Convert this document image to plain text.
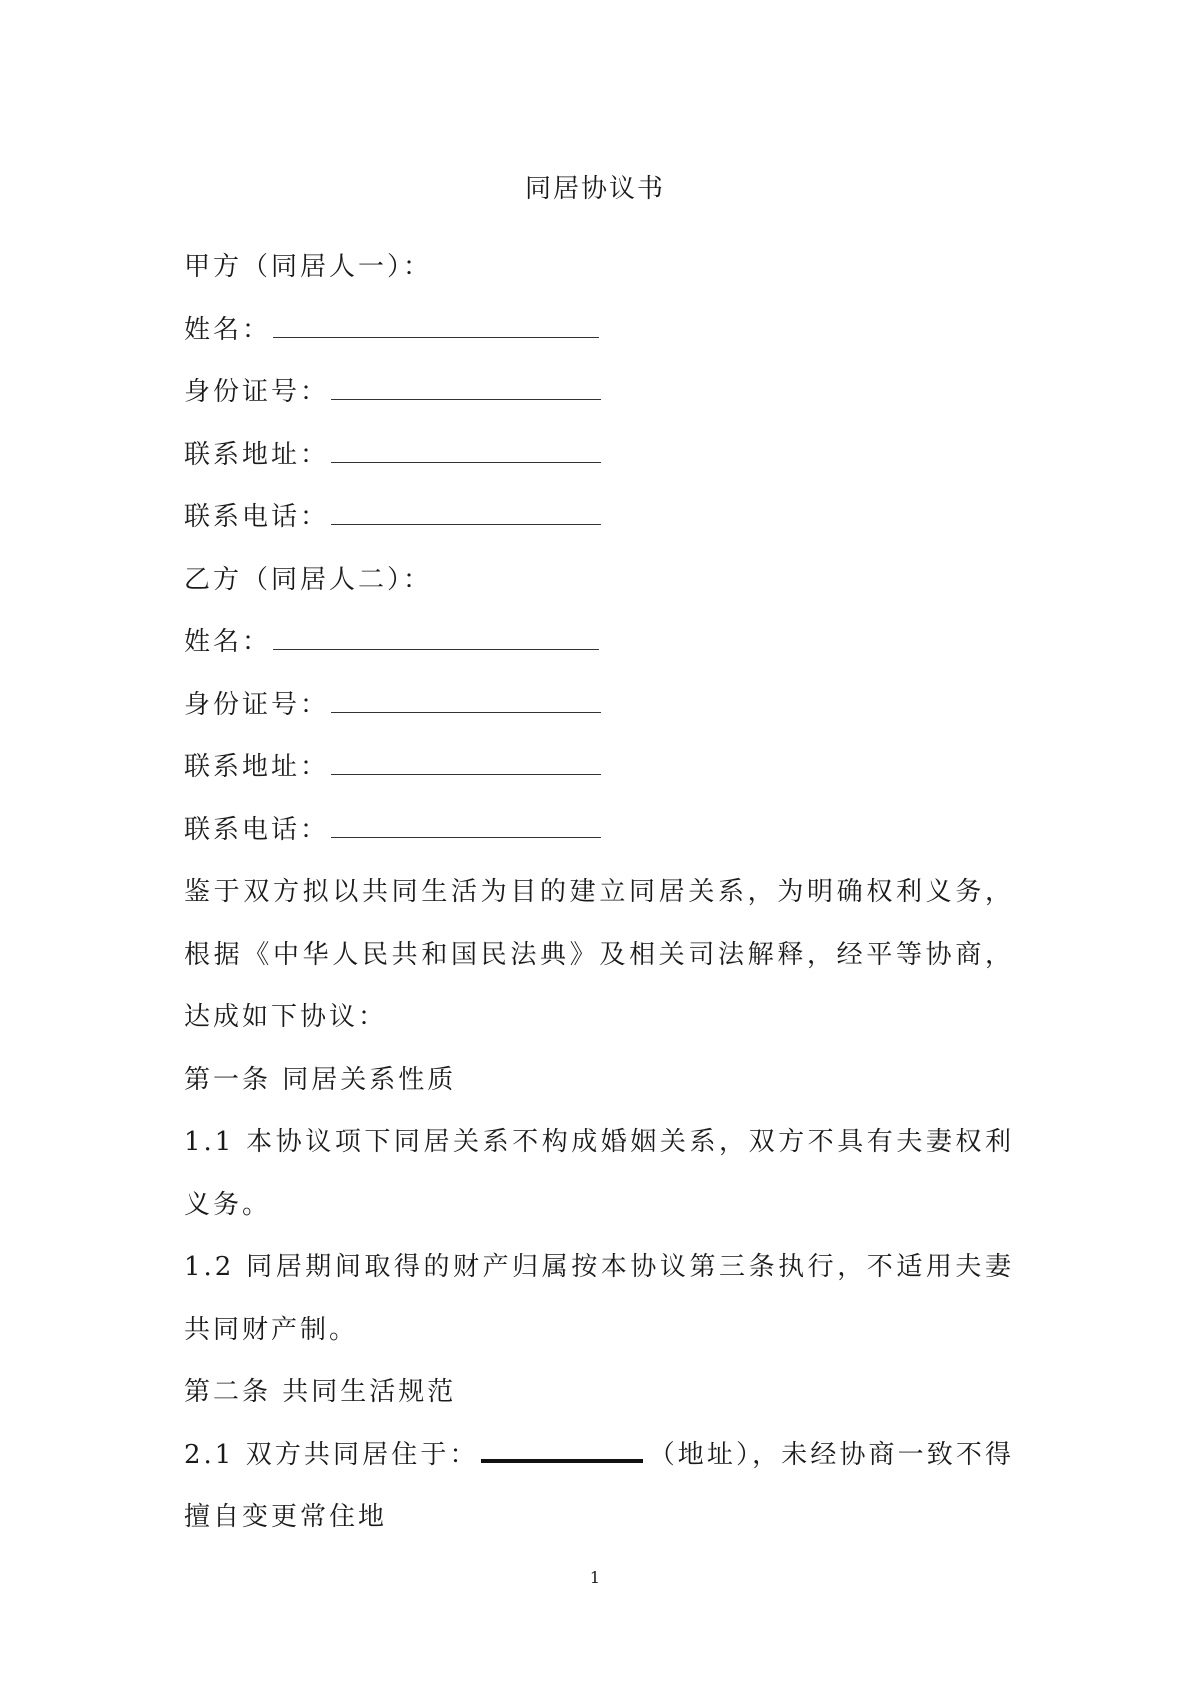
同居协议书
甲方（同居人一）：
姓名：
身份证号：
联系地址：
联系电话：
乙方（同居人二）：
姓名：
身份证号：
联系地址：
联系电话：
鉴于双方拟以共同生活为目的建立同居关系，为明确权利义务，根据《中华人民共和国民法典》及相关司法解释，经平等协商，达成如下协议：
第一条 同居关系性质
1.1 本协议项下同居关系不构成婚姻关系，双方不具有夫妻权利义务。
1.2 同居期间取得的财产归属按本协议第三条执行，不适用夫妻共同财产制。
第二条 共同生活规范
2.1 双方共同居住于：	（地址），未经协商一致不得擅自变更常住地
1
